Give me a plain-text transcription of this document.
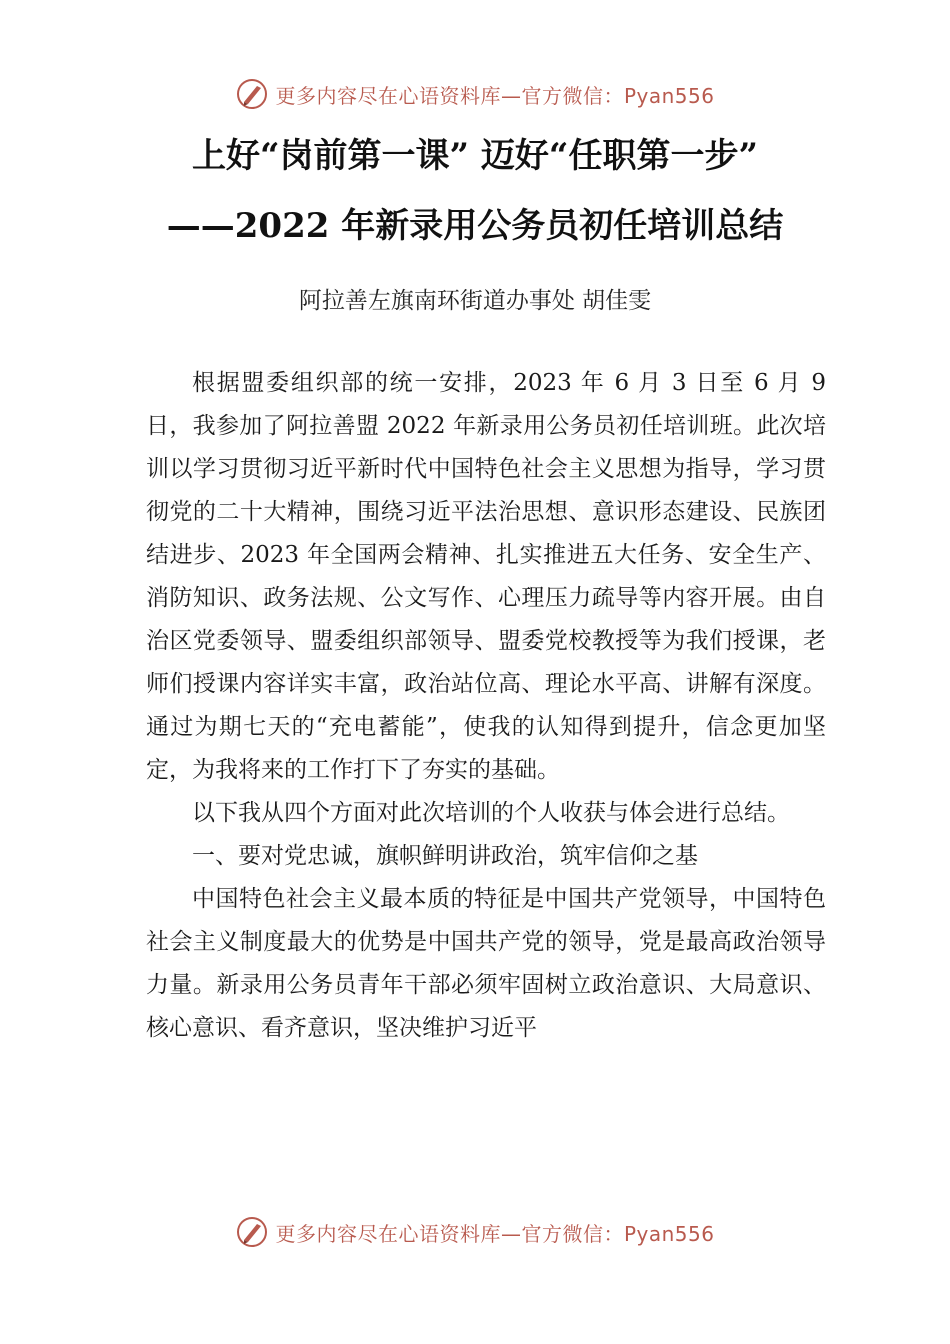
更多内容尽在心语资料库—官方微信：Pyan556
上好“岗前第一课” 迈好“任职第一步”
——2022 年新录用公务员初任培训总结
阿拉善左旗南环街道办事处 胡佳雯

根据盟委组织部的统一安排，2023 年 6 月 3 日至 6 月 9 日，我参加了阿拉善盟 2022 年新录用公务员初任培训班。此次培训以学习贯彻习近平新时代中国特色社会主义思想为指导，学习贯彻党的二十大精神，围绕习近平法治思想、意识形态建设、民族团结进步、2023 年全国两会精神、扎实推进五大任务、安全生产、消防知识、政务法规、公文写作、心理压力疏导等内容开展。由自治区党委领导、盟委组织部领导、盟委党校教授等为我们授课，老师们授课内容详实丰富，政治站位高、理论水平高、讲解有深度。通过为期七天的“充电蓄能”，使我的认知得到提升，信念更加坚定，为我将来的工作打下了夯实的基础。

以下我从四个方面对此次培训的个人收获与体会进行总结。

一、要对党忠诚，旗帜鲜明讲政治，筑牢信仰之基

中国特色社会主义最本质的特征是中国共产党领导，中国特色社会主义制度最大的优势是中国共产党的领导，党是最高政治领导力量。新录用公务员青年干部必须牢固树立政治意识、大局意识、核心意识、看齐意识，坚决维护习近平

更多内容尽在心语资料库—官方微信：Pyan556
